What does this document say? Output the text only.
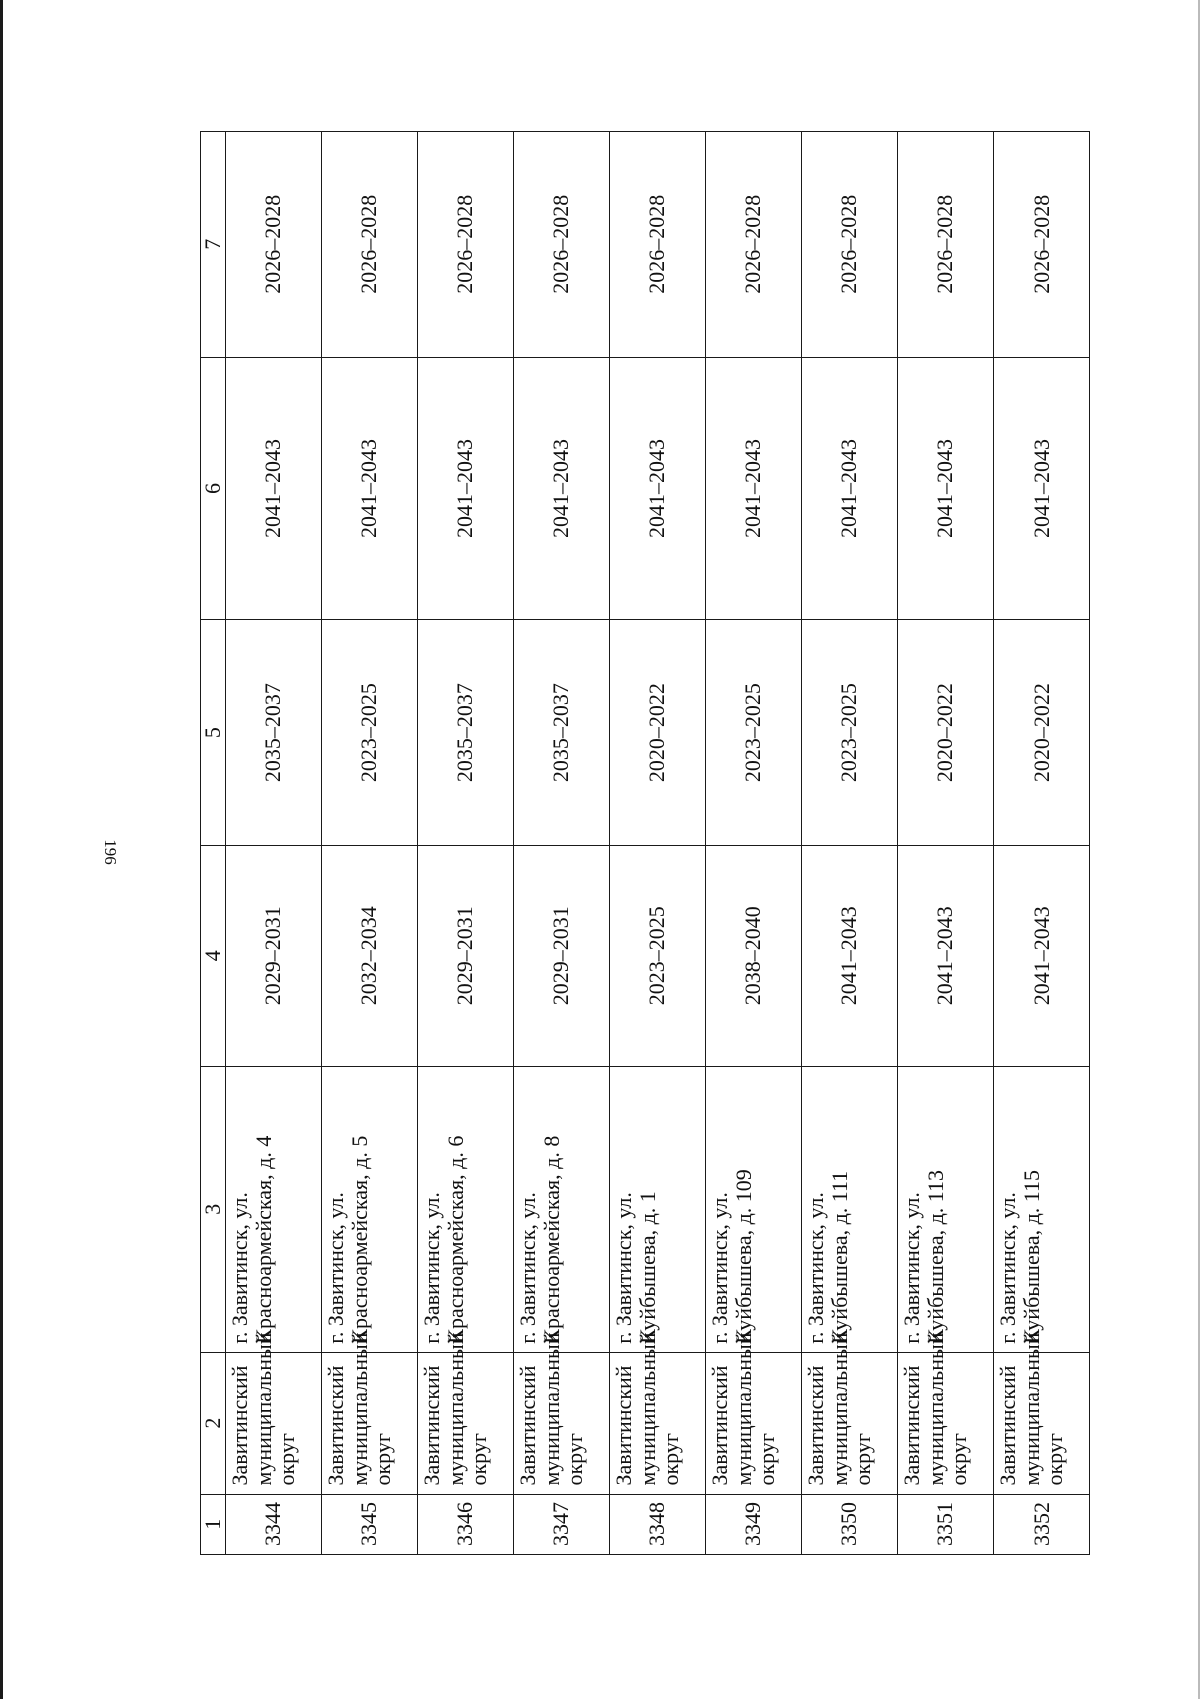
196
1	2	3	4	5	6	7
3344	Завитинский муниципальный округ	г. Завитинск, ул. Красноармейская, д. 4	2029–2031	2035–2037	2041–2043	2026–2028
3345	Завитинский муниципальный округ	г. Завитинск, ул. Красноармейская, д. 5	2032–2034	2023–2025	2041–2043	2026–2028
3346	Завитинский муниципальный округ	г. Завитинск, ул. Красноармейская, д. 6	2029–2031	2035–2037	2041–2043	2026–2028
3347	Завитинский муниципальный округ	г. Завитинск, ул. Красноармейская, д. 8	2029–2031	2035–2037	2041–2043	2026–2028
3348	Завитинский муниципальный округ	г. Завитинск, ул. Куйбышева, д. 1	2023–2025	2020–2022	2041–2043	2026–2028
3349	Завитинский муниципальный округ	г. Завитинск, ул. Куйбышева, д. 109	2038–2040	2023–2025	2041–2043	2026–2028
3350	Завитинский муниципальный округ	г. Завитинск, ул. Куйбышева, д. 111	2041–2043	2023–2025	2041–2043	2026–2028
3351	Завитинский муниципальный округ	г. Завитинск, ул. Куйбышева, д. 113	2041–2043	2020–2022	2041–2043	2026–2028
3352	Завитинский муниципальный округ	г. Завитинск, ул. Куйбышева, д. 115	2041–2043	2020–2022	2041–2043	2026–2028
